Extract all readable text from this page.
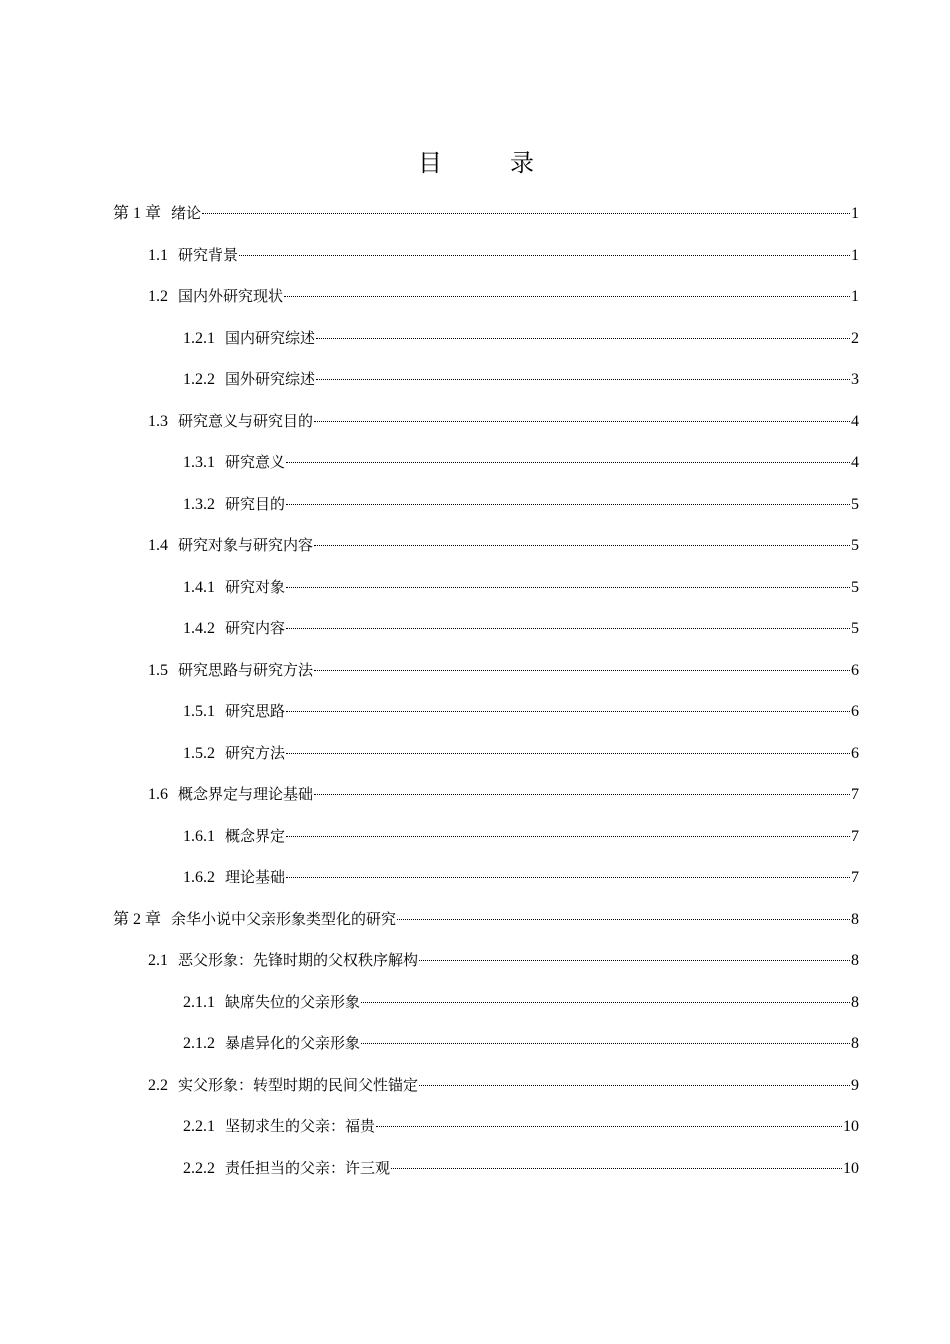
目　录
第 1 章 绪论	1
1.1 研究背景	1
1.2 国内外研究现状	1
1.2.1 国内研究综述	2
1.2.2 国外研究综述	3
1.3 研究意义与研究目的	4
1.3.1 研究意义	4
1.3.2 研究目的	5
1.4 研究对象与研究内容	5
1.4.1 研究对象	5
1.4.2 研究内容	5
1.5 研究思路与研究方法	6
1.5.1 研究思路	6
1.5.2 研究方法	6
1.6 概念界定与理论基础	7
1.6.1 概念界定	7
1.6.2 理论基础	7
第 2 章 余华小说中父亲形象类型化的研究	8
2.1 恶父形象：先锋时期的父权秩序解构	8
2.1.1 缺席失位的父亲形象	8
2.1.2 暴虐异化的父亲形象	8
2.2 实父形象：转型时期的民间父性锚定	9
2.2.1 坚韧求生的父亲：福贵	10
2.2.2 责任担当的父亲：许三观	10
